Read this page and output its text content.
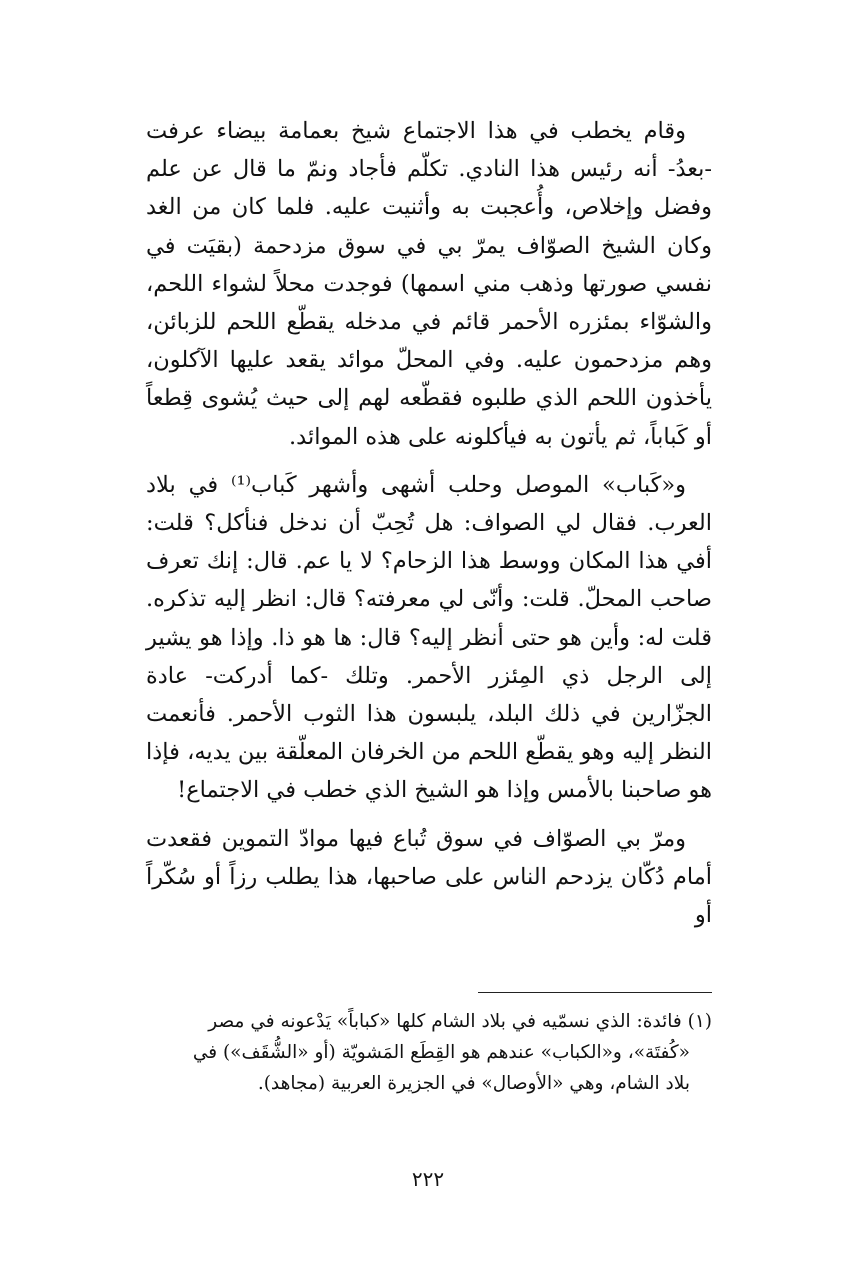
وقام يخطب في هذا الاجتماع شيخ بعمامة بيضاء عرفت -بعدُ- أنه رئيس هذا النادي. تكلّم فأجاد ونمّ ما قال عن علم وفضل وإخلاص، وأُعجبت به وأثنيت عليه. فلما كان من الغد وكان الشيخ الصوّاف يمرّ بي في سوق مزدحمة (بقيَت في نفسي صورتها وذهب مني اسمها) فوجدت محلاً لشواء اللحم، والشوّاء بمئزره الأحمر قائم في مدخله يقطّع اللحم للزبائن، وهم مزدحمون عليه. وفي المحلّ موائد يقعد عليها الآكلون، يأخذون اللحم الذي طلبوه فقطّعه لهم إلى حيث يُشوى قِطعاً أو كَباباً، ثم يأتون به فيأكلونه على هذه الموائد.

و«كَباب» الموصل وحلب أشهى وأشهر كَباب⁽¹⁾ في بلاد العرب. فقال لي الصواف: هل تُحِبّ أن ندخل فنأكل؟ قلت: أفي هذا المكان ووسط هذا الزحام؟ لا يا عم. قال: إنك تعرف صاحب المحلّ. قلت: وأنّى لي معرفته؟ قال: انظر إليه تذكره. قلت له: وأين هو حتى أنظر إليه؟ قال: ها هو ذا. وإذا هو يشير إلى الرجل ذي المِئزر الأحمر. وتلك -كما أدركت- عادة الجزّارين في ذلك البلد، يلبسون هذا الثوب الأحمر. فأنعمت النظر إليه وهو يقطّع اللحم من الخرفان المعلّقة بين يديه، فإذا هو صاحبنا بالأمس وإذا هو الشيخ الذي خطب في الاجتماع!

ومرّ بي الصوّاف في سوق تُباع فيها موادّ التموين فقعدت أمام دُكّان يزدحم الناس على صاحبها، هذا يطلب رزاً أو سُكّراً أو

(١) فائدة: الذي نسمّيه في بلاد الشام كلها «كباباً» يَدْعونه في مصر
«كُفتَة»، و«الكباب» عندهم هو القِطَع المَشويّة (أو «الشُّقَف») في
بلاد الشام، وهي «الأوصال» في الجزيرة العربية (مجاهد).
٢٢٢
